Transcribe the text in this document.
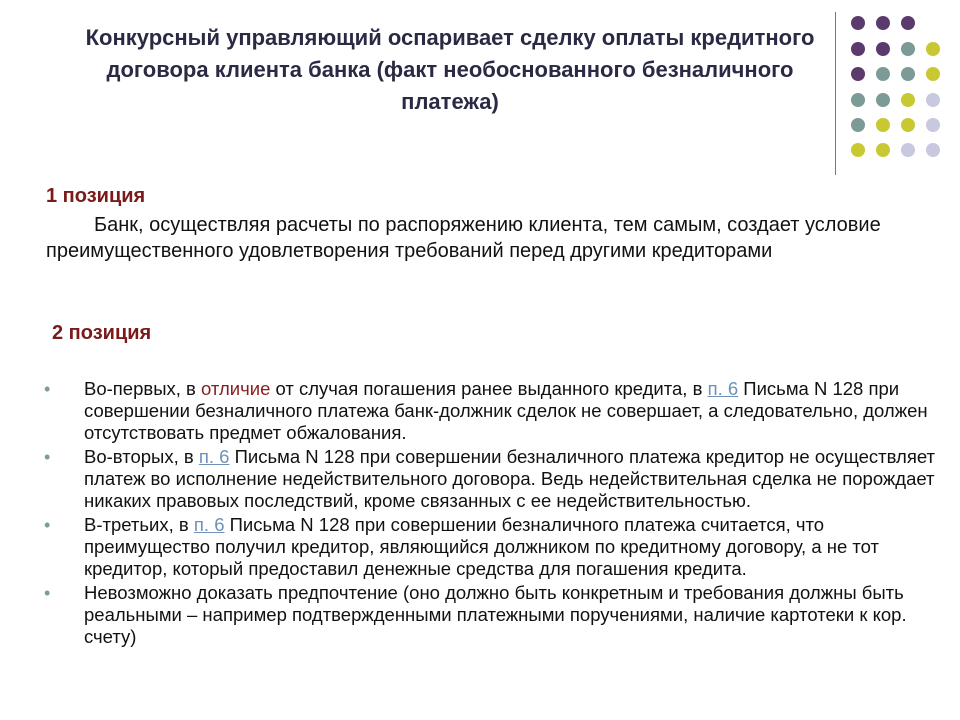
Конкурсный управляющий оспаривает сделку оплаты кредитного
договора клиента банка (факт необоснованного безналичного
платежа)
1 позиция
Банк, осуществляя расчеты по распоряжению клиента, тем самым, создает условие преимущественного удовлетворения требований перед другими кредиторами
2 позиция
•	Во-первых, в отличие от случая погашения ранее выданного кредита, в п. 6 Письма N 128 при совершении безналичного платежа банк-должник сделок не совершает, а следовательно, должен отсутствовать предмет обжалования.
•	Во-вторых, в п. 6 Письма N 128 при совершении безналичного платежа кредитор не осуществляет платеж во исполнение недействительного договора. Ведь недействительная сделка не порождает никаких правовых последствий, кроме связанных с ее недействительностью.
•	В-третьих, в п. 6 Письма N 128 при совершении безналичного платежа считается, что преимущество получил кредитор, являющийся должником по кредитному договору, а не тот кредитор, который предоставил денежные средства для погашения кредита.
•	Невозможно доказать предпочтение (оно должно быть конкретным и требования должны быть реальными – например подтвержденными платежными поручениями, наличие картотеки к кор. счету)
